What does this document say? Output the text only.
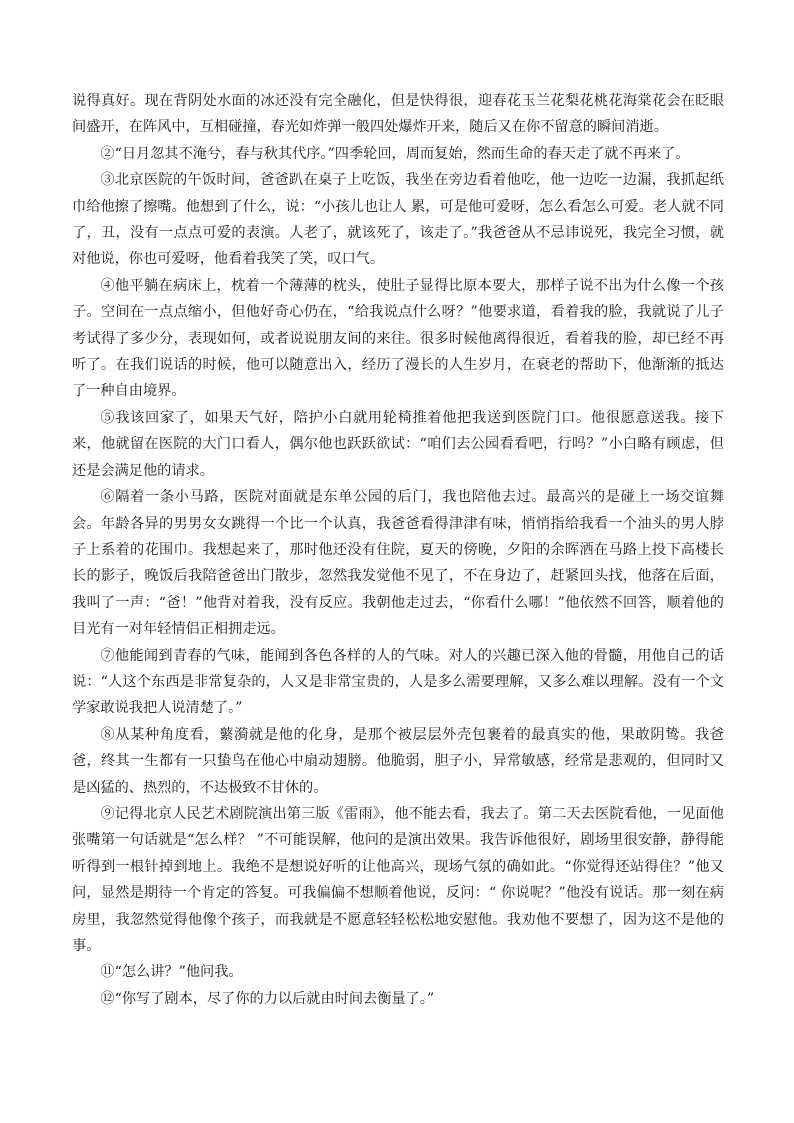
说得真好。现在背阴处水面的冰还没有完全融化，但是快得很，迎春花玉兰花梨花桃花海棠花会在眨眼间盛开，在阵风中，互相碰撞，春光如炸弹一般四处爆炸开来，随后又在你不留意的瞬间消逝。

②“日月忽其不淹兮，春与秋其代序。”四季轮回，周而复始，然而生命的春天走了就不再来了。

③北京医院的午饭时间，爸爸趴在桌子上吃饭，我坐在旁边看着他吃，他一边吃一边漏，我抓起纸巾给他擦了擦嘴。他想到了什么，说：“小孩儿也让人 累，可是他可爱呀，怎么看怎么可爱。老人就不同了，丑，没有一点点可爱的表演。人老了，就该死了，该走了。”我爸爸从不忌讳说死，我完全习惯，就对他说，你也可爱呀，他看着我笑了笑，叹口气。

④他平躺在病床上，枕着一个薄薄的枕头，使肚子显得比原本要大，那样子说不出为什么像一个孩子。空间在一点点缩小，但他好奇心仍在，“给我说点什么呀？”他要求道，看着我的脸，我就说了儿子考试得了多少分，表现如何，或者说说朋友间的来往。很多时候他离得很近，看着我的脸，却已经不再听了。在我们说话的时候，他可以随意出入，经历了漫长的人生岁月，在衰老的帮助下，他渐渐的抵达了一种自由境界。

⑤我该回家了，如果天气好，陪护小白就用轮椅推着他把我送到医院门口。他很愿意送我。接下来，他就留在医院的大门口看人，偶尔他也跃跃欲试：“咱们去公园看看吧，行吗？”小白略有顾虑，但还是会满足他的请求。

⑥隔着一条小马路，医院对面就是东单公园的后门，我也陪他去过。最高兴的是碰上一场交谊舞会。年龄各异的男男女女跳得一个比一个认真，我爸爸看得津津有味，悄悄指给我看一个油头的男人脖子上系着的花围巾。我想起来了，那时他还没有住院，夏天的傍晚，夕阳的余晖洒在马路上投下高楼长长的影子，晚饭后我陪爸爸出门散步，忽然我发觉他不见了，不在身边了，赶紧回头找，他落在后面，我叫了一声：“爸！”他背对着我，没有反应。我朝他走过去，“你看什么哪！”他依然不回答，顺着他的目光有一对年轻情侣正相拥走远。

⑦他能闻到青春的气味，能闻到各色各样的人的气味。对人的兴趣已深入他的骨髓，用他自己的话说：“人这个东西是非常复杂的，人又是非常宝贵的，人是多么需要理解，又多么难以理解。没有一个文学家敢说我把人说清楚了。”

⑧从某种角度看，蘩漪就是他的化身，是那个被层层外壳包裹着的最真实的他，果敢阴鸷。我爸爸，终其一生都有一只蛰鸟在他心中扇动翅膀。他脆弱，胆子小，异常敏感，经常是悲观的，但同时又是凶猛的、热烈的，不达极致不甘休的。

⑨记得北京人民艺术剧院演出第三版《雷雨》，他不能去看，我去了。第二天去医院看他，一见面他张嘴第一句话就是“怎么样？ ”不可能误解，他问的是演出效果。我告诉他很好，剧场里很安静，静得能听得到一根针掉到地上。我绝不是想说好听的让他高兴，现场气氛的确如此。“你觉得还站得住？”他又问，显然是期待一个肯定的答复。可我偏偏不想顺着他说，反问：“ 你说呢？”他没有说话。那一刻在病房里，我忽然觉得他像个孩子，而我就是不愿意轻轻松松地安慰他。我劝他不要想了，因为这不是他的事。

⑪“怎么讲？”他问我。

⑫“你写了剧本，尽了你的力以后就由时间去衡量了。”
